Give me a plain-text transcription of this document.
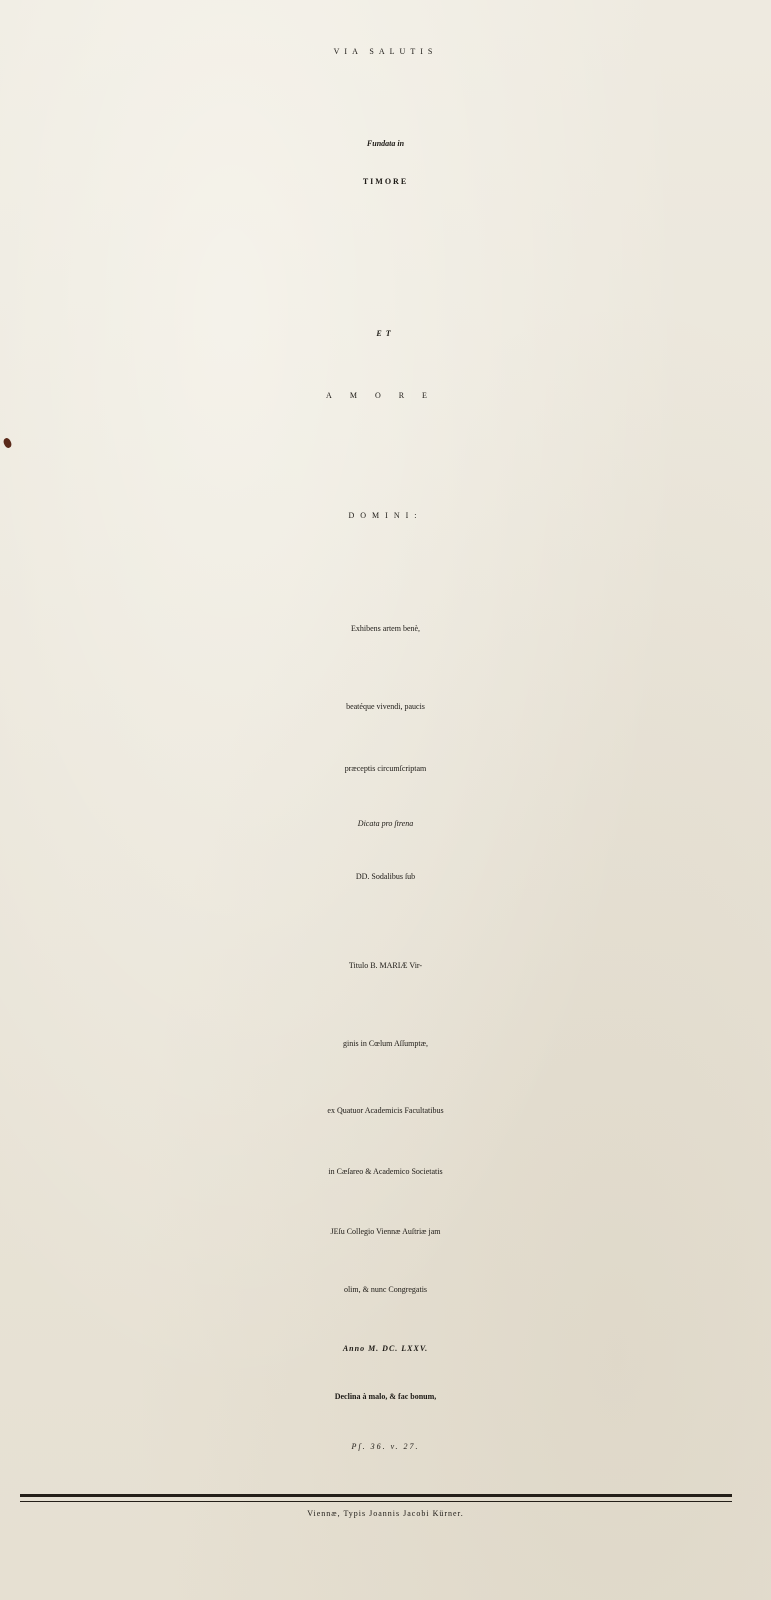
VIA SALUTIS

Fundata in

TIMORE

ET

AMORE

DOMINI:

Exhibens artem benè,

beatéque vivendi, paucis

præceptis circumſcriptam

Dicata pro ſtrena

DD. Sodalibus ſub

Titulo B. MARIÆ Vir-

ginis in Cœlum Aſſumptæ,

ex Quatuor Academicis Facultatibus

in Cæſareo & Academico Societatis

JEſu Collegio Viennæ Auſtriæ jam

olim, & nunc Congregatis

Anno M. DC. LXXV.

Declina à malo, & fac bonum,

Pſ. 36. v. 27.

Viennæ, Typis Joannis Jacobi Kürner.
